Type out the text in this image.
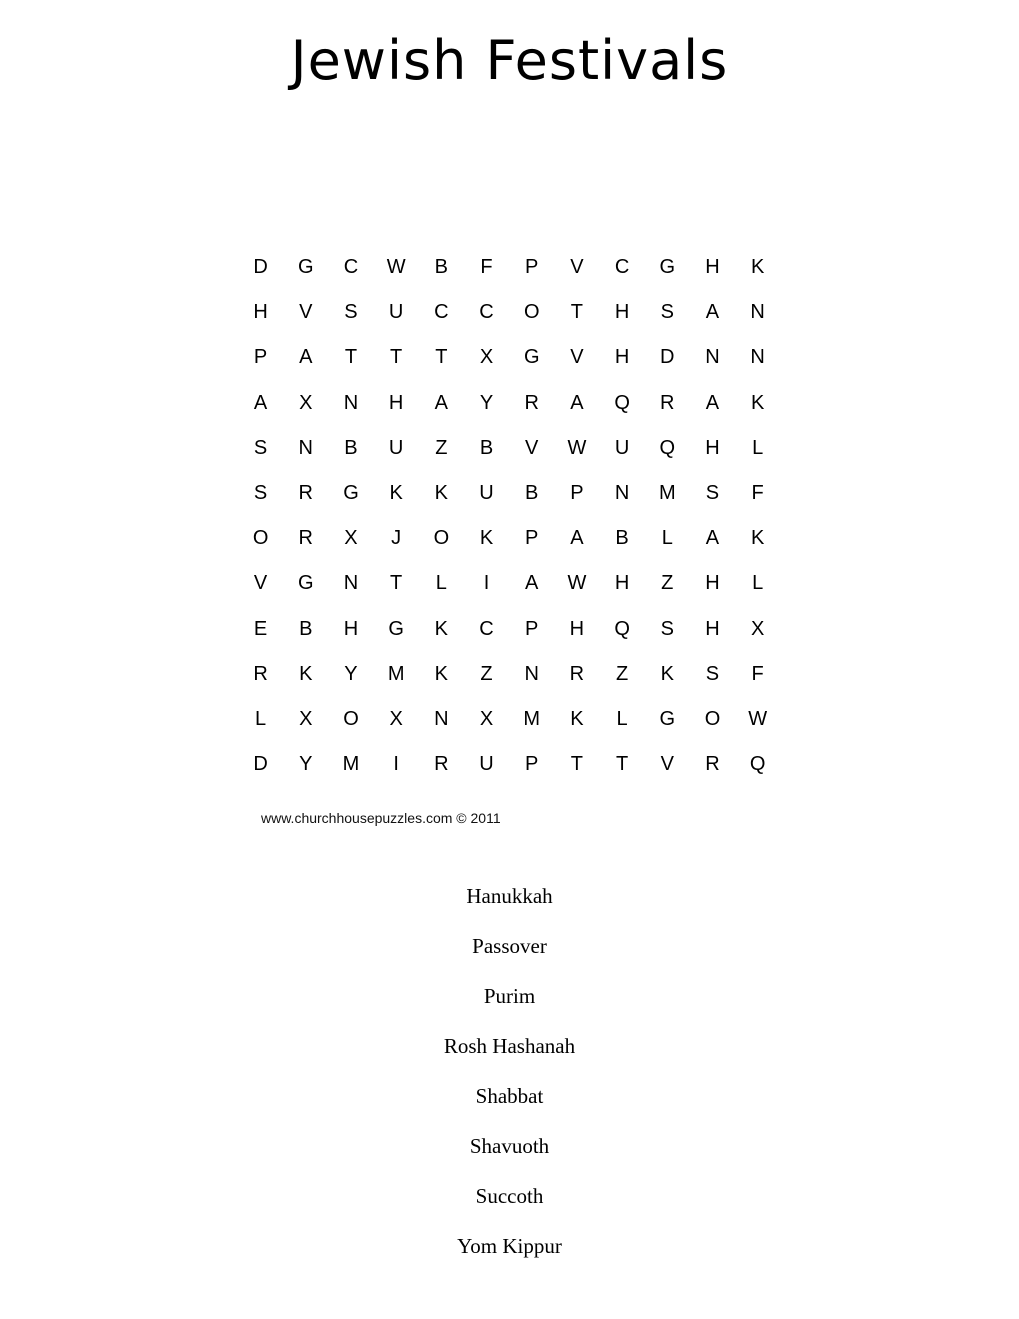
Jewish Festivals
D	G	C	W	B	F	P	V	C	G	H	K
H	V	S	U	C	C	O	T	H	S	A	N
P	A	T	T	T	X	G	V	H	D	N	N
A	X	N	H	A	Y	R	A	Q	R	A	K
S	N	B	U	Z	B	V	W	U	Q	H	L
S	R	G	K	K	U	B	P	N	M	S	F
O	R	X	J	O	K	P	A	B	L	A	K
V	G	N	T	L	I	A	W	H	Z	H	L
E	B	H	G	K	C	P	H	Q	S	H	X
R	K	Y	M	K	Z	N	R	Z	K	S	F
L	X	O	X	N	X	M	K	L	G	O	W
D	Y	M	I	R	U	P	T	T	V	R	Q
www.churchhousepuzzles.com © 2011
Hanukkah
Passover
Purim
Rosh Hashanah
Shabbat
Shavuoth
Succoth
Yom Kippur
